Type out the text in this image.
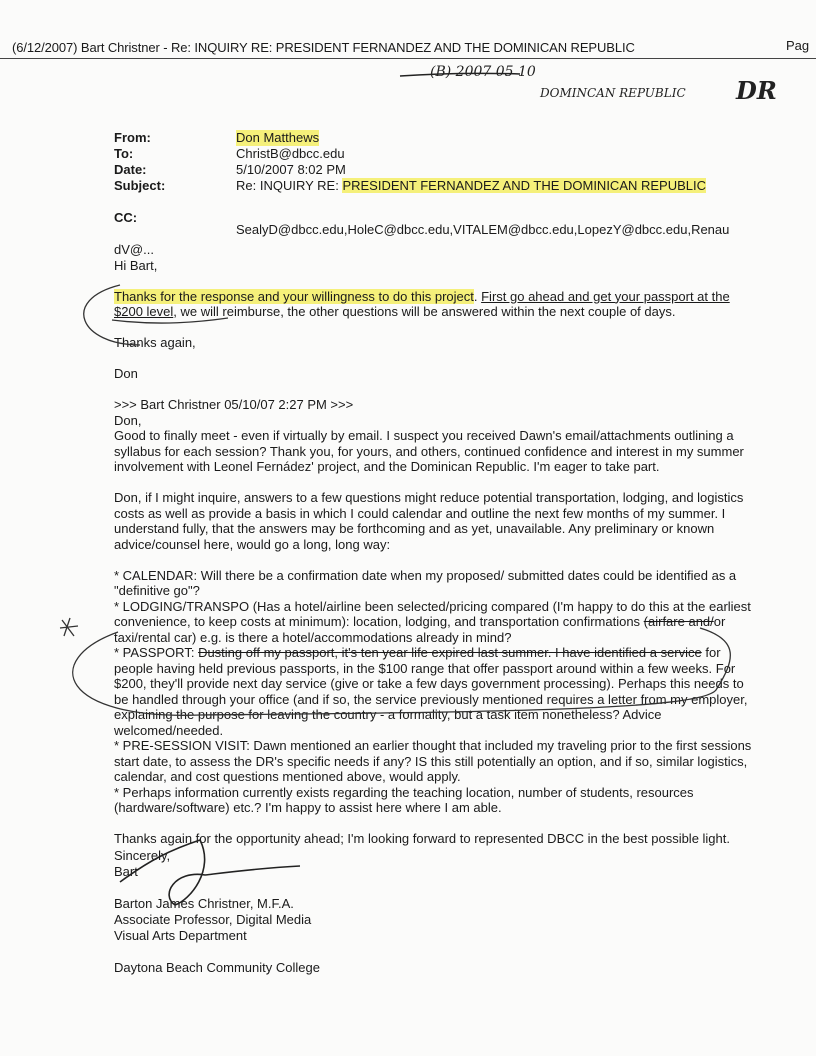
(6/12/2007) Bart Christner - Re: INQUIRY RE: PRESIDENT FERNANDEZ AND THE DOMINICAN REPUBLIC	Pag
(B) 2007 05 10
DOMINCAN REPUBLIC DR
From:	Don Matthews
To:	ChristB@dbcc.edu
Date:	5/10/2007 8:02 PM
Subject:	Re: INQUIRY RE: PRESIDENT FERNANDEZ AND THE DOMINICAN REPUBLIC
CC:
SealyD@dbcc.edu,HoleC@dbcc.edu,VITALEM@dbcc.edu,LopezY@dbcc.edu,Renau

dV@...

Hi Bart,

Thanks for the response and your willingness to do this project. First go ahead and get your passport at the $200 level, we will reimburse, the other questions will be answered within the next couple of days.

Thanks again,

Don

>>> Bart Christner 05/10/07 2:27 PM >>>

Don,

Good to finally meet - even if virtually by email. I suspect you received Dawn's email/attachments outlining a syllabus for each session? Thank you, for yours, and others, continued confidence and interest in my summer involvement with Leonel Fernádez' project, and the Dominican Republic. I'm eager to take part.

Don, if I might inquire, answers to a few questions might reduce potential transportation, lodging, and logistics costs as well as provide a basis in which I could calendar and outline the next few months of my summer. I understand fully, that the answers may be forthcoming and as yet, unavailable. Any preliminary or known advice/counsel here, would go a long, long way:

* CALENDAR: Will there be a confirmation date when my proposed/ submitted dates could be identified as a "definitive go"?

* LODGING/TRANSPO (Has a hotel/airline been selected/pricing compared (I'm happy to do this at the earliest convenience, to keep costs at minimum): location, lodging, and transportation confirmations (airfare and/or taxi/rental car) e.g. is there a hotel/accommodations already in mind?

* PASSPORT: Dusting off my passport, it's ten year life expired last summer. I have identified a service for people having held previous passports, in the $100 range that offer passport around within a few weeks. For $200, they'll provide next day service (give or take a few days government processing). Perhaps this needs to be handled through your office (and if so, the service previously mentioned requires a letter from my employer, explaining the purpose for leaving the country - a formality, but a task item nonetheless? Advice welcomed/needed.

* PRE-SESSION VISIT: Dawn mentioned an earlier thought that included my traveling prior to the first sessions start date, to assess the DR's specific needs if any? IS this still potentially an option, and if so, similar logistics, calendar, and cost questions mentioned above, would apply.

* Perhaps information currently exists regarding the teaching location, number of students, resources (hardware/software) etc.? I'm happy to assist here where I am able.

Thanks again for the opportunity ahead; I'm looking forward to represented DBCC in the best possible light.

Sincerely,
Bart
Barton James Christner, M.F.A.
Associate Professor, Digital Media
Visual Arts Department
Daytona Beach Community College
